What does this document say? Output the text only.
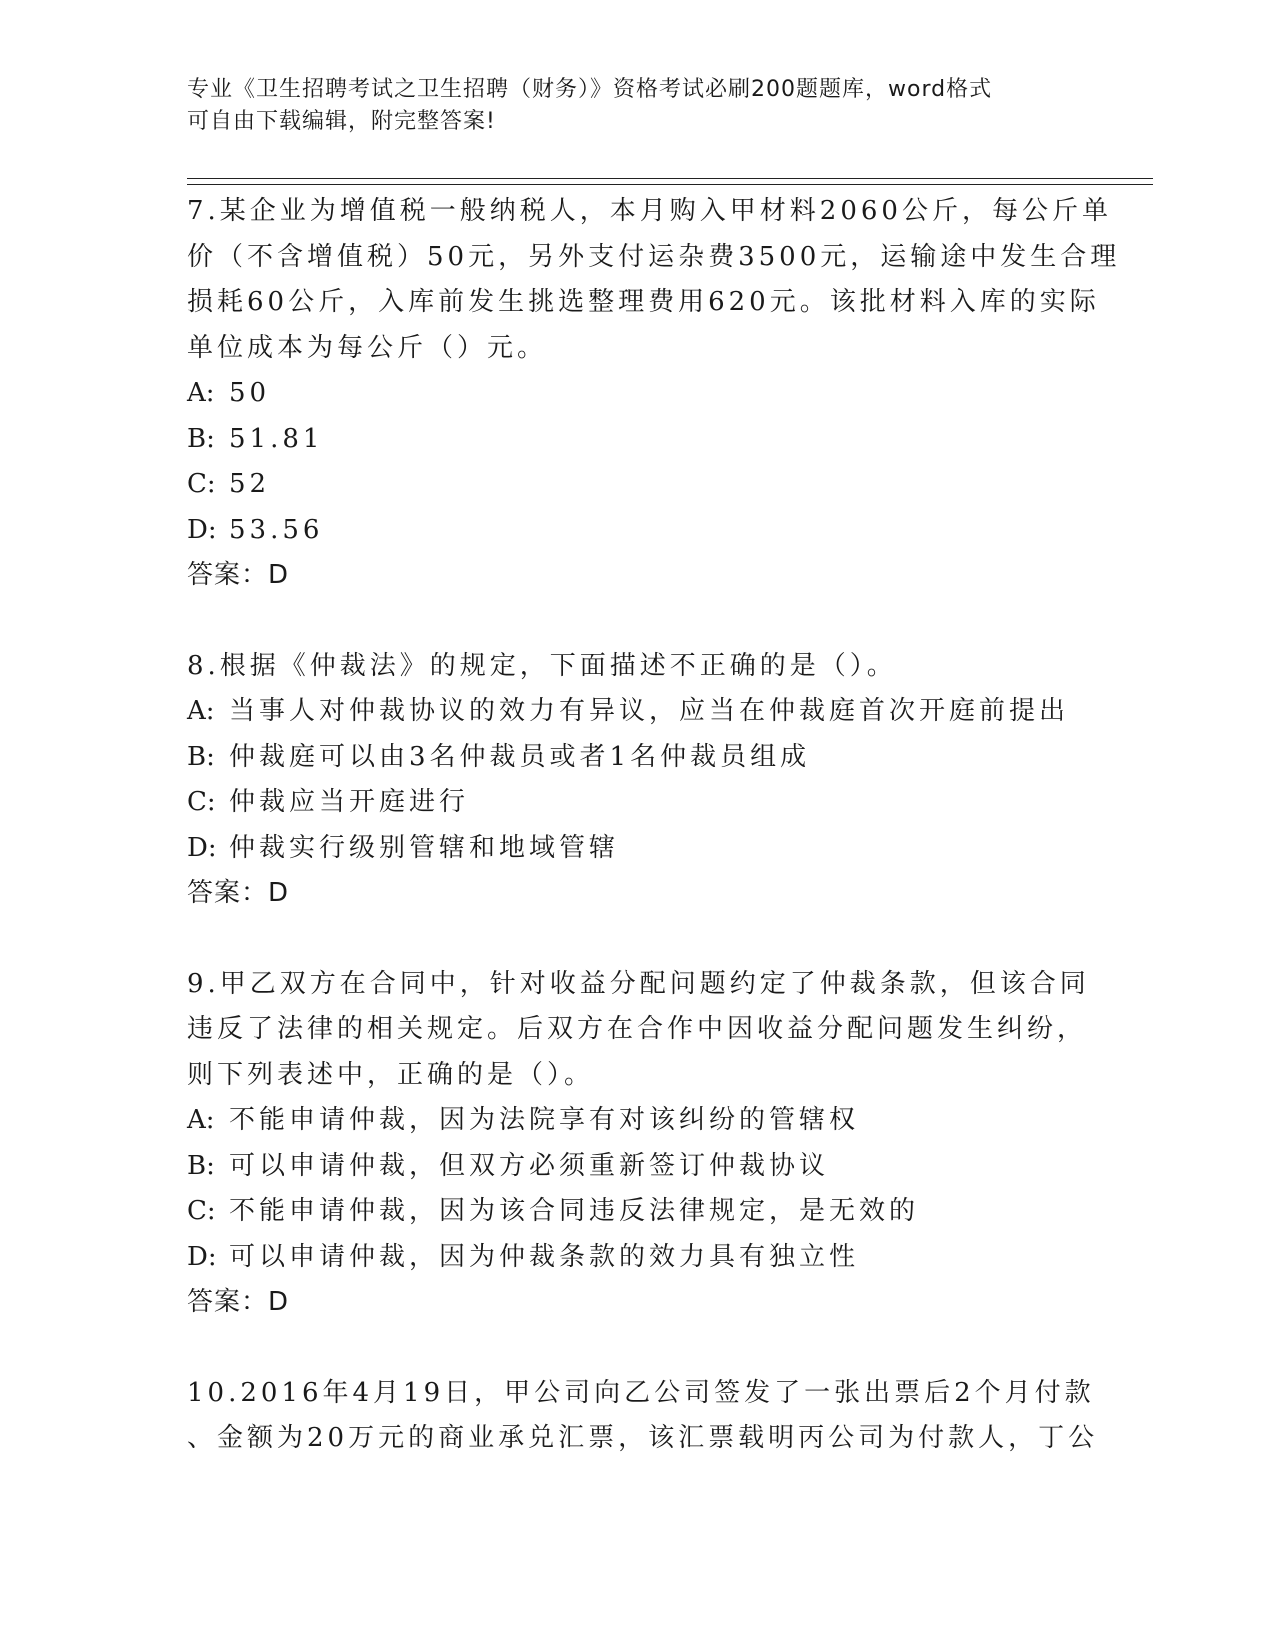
专业《卫生招聘考试之卫生招聘（财务）》资格考试必刷200题题库，word格式
可自由下载编辑，附完整答案!
7.某企业为增值税一般纳税人，本月购入甲材料2060公斤，每公斤单
价（不含增值税）50元，另外支付运杂费3500元，运输途中发生合理
损耗60公斤，入库前发生挑选整理费用620元。该批材料入库的实际
单位成本为每公斤（）元。
A: 50
B: 51.81
C: 52
D: 53.56
答案：D
8.根据《仲裁法》的规定，下面描述不正确的是（）。
A: 当事人对仲裁协议的效力有异议，应当在仲裁庭首次开庭前提出
B: 仲裁庭可以由3名仲裁员或者1名仲裁员组成
C: 仲裁应当开庭进行
D: 仲裁实行级别管辖和地域管辖
答案：D
9.甲乙双方在合同中，针对收益分配问题约定了仲裁条款，但该合同
违反了法律的相关规定。后双方在合作中因收益分配问题发生纠纷，
则下列表述中，正确的是（）。
A: 不能申请仲裁，因为法院享有对该纠纷的管辖权
B: 可以申请仲裁，但双方必须重新签订仲裁协议
C: 不能申请仲裁，因为该合同违反法律规定，是无效的
D: 可以申请仲裁，因为仲裁条款的效力具有独立性
答案：D
10.2016年4月19日，甲公司向乙公司签发了一张出票后2个月付款
、金额为20万元的商业承兑汇票，该汇票载明丙公司为付款人，丁公
